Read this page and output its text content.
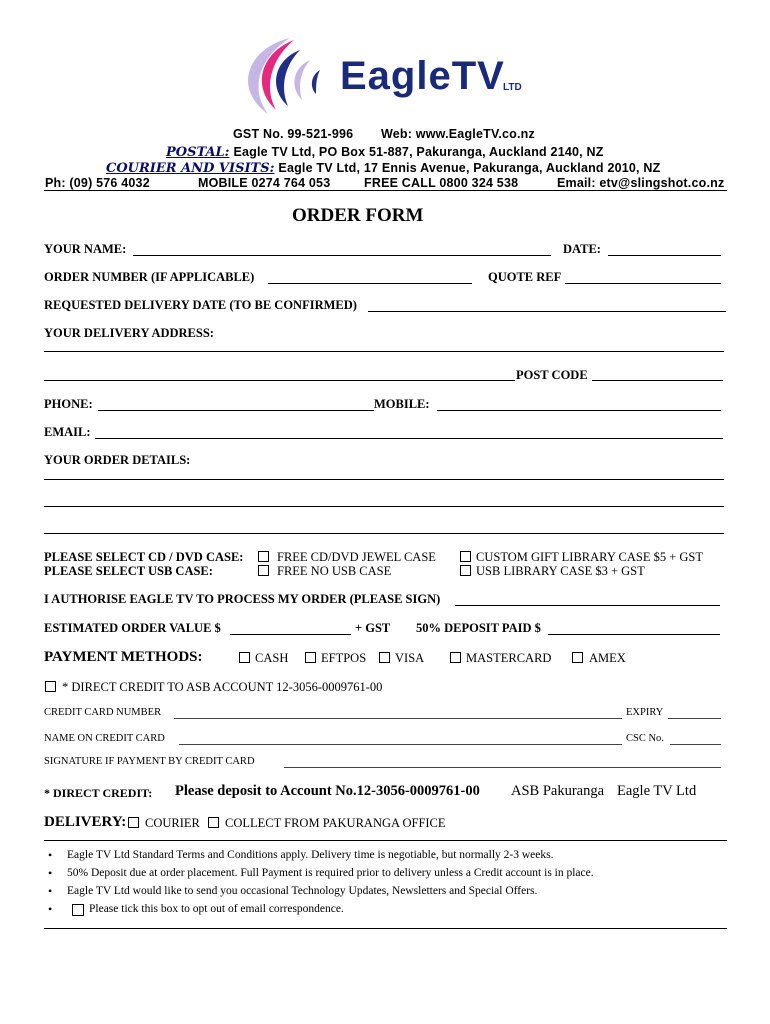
EagleTV
LTD
GST No. 99-521-996 Web: www.EagleTV.co.nz
POSTAL: Eagle TV Ltd, PO Box 51-887, Pakuranga, Auckland 2140, NZ
COURIER AND VISITS: Eagle TV Ltd, 17 Ennis Avenue, Pakuranga, Auckland 2010, NZ
Ph: (09) 576 4032	MOBILE 0274 764 053	FREE CALL 0800 324 538	Email: etv@slingshot.co.nz
ORDER FORM
YOUR NAME:	DATE:
ORDER NUMBER (IF APPLICABLE)	QUOTE REF
REQUESTED DELIVERY DATE (TO BE CONFIRMED)
YOUR DELIVERY ADDRESS:
POST CODE
PHONE:	MOBILE:
EMAIL:
YOUR ORDER DETAILS:
PLEASE SELECT CD / DVD CASE:	FREE CD/DVD JEWEL CASE	CUSTOM GIFT LIBRARY CASE $5 + GST
PLEASE SELECT USB CASE:	FREE NO USB CASE	USB LIBRARY CASE $3 + GST
I AUTHORISE EAGLE TV TO PROCESS MY ORDER (PLEASE SIGN)
ESTIMATED ORDER VALUE $	+ GST 50% DEPOSIT PAID $
PAYMENT METHODS:	CASH	EFTPOS VISA	MASTERCARD	AMEX
* DIRECT CREDIT TO ASB ACCOUNT 12-3056-0009761-00
CREDIT CARD NUMBER	EXPIRY
NAME ON CREDIT CARD	CSC No.
SIGNATURE IF PAYMENT BY CREDIT CARD
* DIRECT CREDIT: Please deposit to Account No.12-3056-0009761-00 ASB Pakuranga Eagle TV Ltd
DELIVERY: COURIER COLLECT FROM PAKURANGA OFFICE
• Eagle TV Ltd Standard Terms and Conditions apply. Delivery time is negotiable, but normally 2-3 weeks.
• 50% Deposit due at order placement. Full Payment is required prior to delivery unless a Credit account is in place.
• Eagle TV Ltd would like to send you occasional Technology Updates, Newsletters and Special Offers.
•	Please tick this box to opt out of email correspondence.
